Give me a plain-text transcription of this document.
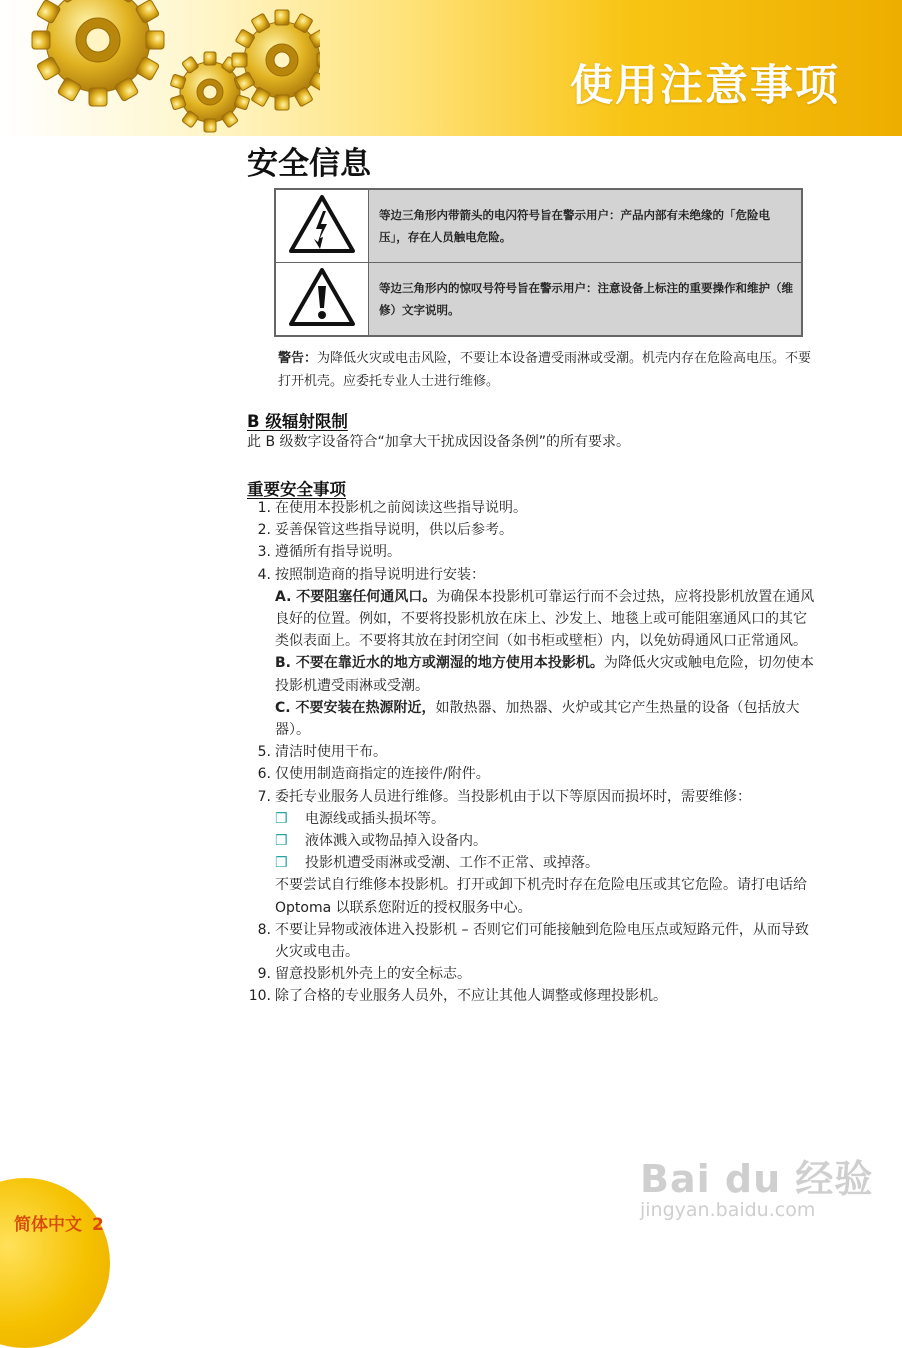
使用注意事项
安全信息
	等边三角形内带箭头的电闪符号旨在警示用户：产品内部有未绝缘的「危险电压」，存在人员触电危险。
	等边三角形内的惊叹号符号旨在警示用户：注意设备上标注的重要操作和维护（维修）文字说明。
警告：为降低火灾或电击风险，不要让本设备遭受雨淋或受潮。机壳内存在危险高电压。不要打开机壳。应委托专业人士进行维修。
B 级辐射限制
此 B 级数字设备符合“加拿大干扰成因设备条例”的所有要求。
重要安全事项
1. 在使用本投影机之前阅读这些指导说明。
2. 妥善保管这些指导说明，供以后参考。
3. 遵循所有指导说明。
4. 按照制造商的指导说明进行安装：
A. 不要阻塞任何通风口。为确保本投影机可靠运行而不会过热，应将投影机放置在通风良好的位置。例如，不要将投影机放在床上、沙发上、地毯上或可能阻塞通风口的其它类似表面上。不要将其放在封闭空间（如书柜或壁柜）内，以免妨碍通风口正常通风。
B. 不要在靠近水的地方或潮湿的地方使用本投影机。为降低火灾或触电危险，切勿使本投影机遭受雨淋或受潮。
C. 不要安装在热源附近，如散热器、加热器、火炉或其它产生热量的设备（包括放大器）。
5. 清洁时使用干布。
6. 仅使用制造商指定的连接件/附件。
7. 委托专业服务人员进行维修。当投影机由于以下等原因而损坏时，需要维修：
❒	电源线或插头损坏等。
❒	液体溅入或物品掉入设备内。
❒	投影机遭受雨淋或受潮、工作不正常、或掉落。
不要尝试自行维修本投影机。打开或卸下机壳时存在危险电压或其它危险。请打电话给 Optoma 以联系您附近的授权服务中心。
8. 不要让异物或液体进入投影机 – 否则它们可能接触到危险电压点或短路元件，从而导致火灾或电击。
9. 留意投影机外壳上的安全标志。
10. 除了合格的专业服务人员外，不应让其他人调整或修理投影机。
简体中文 2
Bai du 经验
jingyan.baidu.com
